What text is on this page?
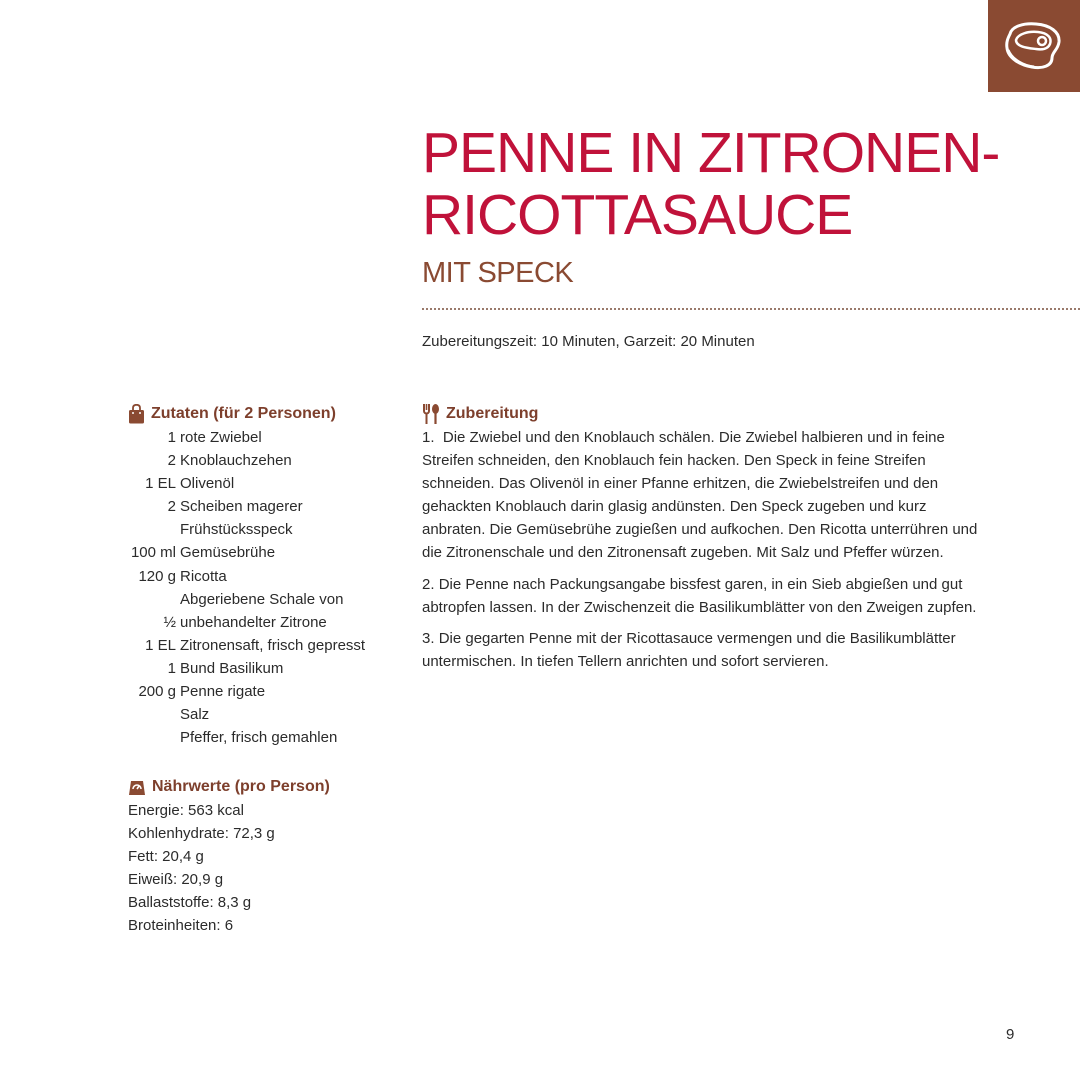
PENNE IN ZITRONEN-
RICOTTASAUCE
MIT SPECK
Zubereitungszeit: 10 Minuten, Garzeit: 20 Minuten
Zutaten (für 2 Personen)
1 rote Zwiebel
2 Knoblauchzehen
1 EL Olivenöl
2 Scheiben magerer Frühstücksspeck
100 ml Gemüsebrühe
120 g Ricotta
½
Abgeriebene Schale von unbehandelter Zitrone
1 EL Zitronensaft, frisch gepresst
1 Bund Basilikum
200 g Penne rigate
Salz
Pfeffer, frisch gemahlen
Nährwerte (pro Person)
Energie: 563 kcal
Kohlenhydrate: 72,3 g
Fett: 20,4 g
Eiweiß: 20,9 g
Ballaststoffe: 8,3 g
Broteinheiten: 6
Zubereitung

1. Die Zwiebel und den Knoblauch schälen. Die Zwiebel halbieren und in feine Streifen schneiden, den Knoblauch fein hacken. Den Speck in feine Streifen schneiden. Das Olivenöl in einer Pfanne erhitzen, die Zwiebelstreifen und den gehackten Knoblauch darin glasig andünsten. Den Speck zugeben und kurz anbraten. Die Gemüsebrühe zugießen und aufkochen. Den Ricotta unterrühren und die Zitronenschale und den Zitronensaft zugeben. Mit Salz und Pfeffer würzen.

2. Die Penne nach Packungsangabe bissfest garen, in ein Sieb abgießen und gut abtropfen lassen. In der Zwischenzeit die Basilikumblätter von den Zweigen zupfen.

3. Die gegarten Penne mit der Ricottasauce vermengen und die Basilikumblätter untermischen. In tiefen Tellern anrichten und sofort servieren.

9
